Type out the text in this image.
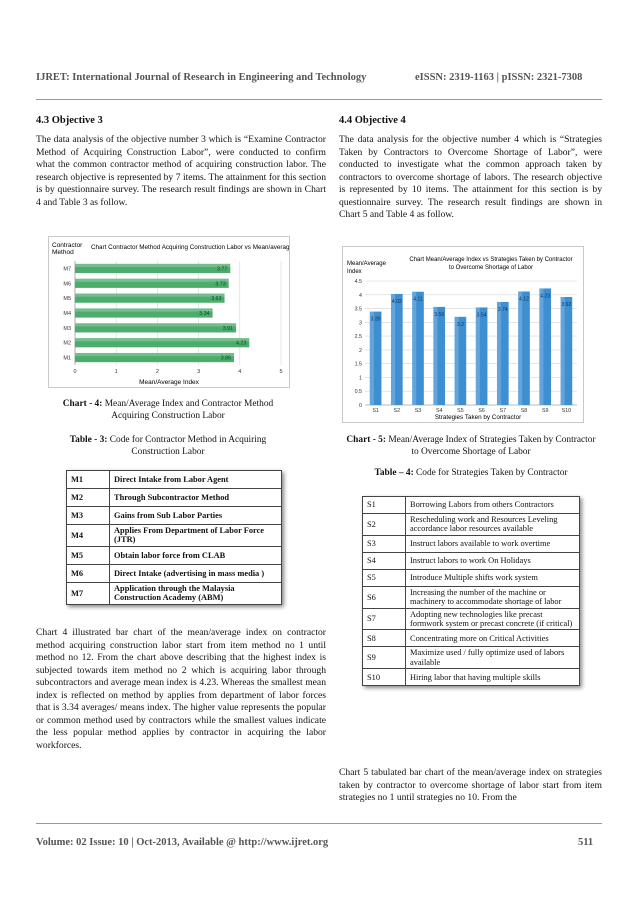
IJRET: International Journal of Research in Engineering and Technology	eISSN: 2319-1163 | pISSN: 2321-7308
4.3 Objective 3
The data analysis of the objective number 3 which is “Examine Contractor Method of Acquiring Construction Labor”, were conducted to confirm what the common contractor method of acquiring construction labor. The research objective is represented by 7 items. The attainment for this section is by questionnaire survey. The research result findings are shown in Chart 4 and Table 3 as follow.
Contractor Method
Chart Contractor Method Acquiring Construction Labor vs Mean/average Index
3.86
4.23
3.91
3.34
3.63
3.73
3.77
M1
M2
M3
M4
M5
M6
M7
0	1	2	3	4	5
Mean/Average Index
Chart - 4: Mean/Average Index and Contractor Method Acquiring Construction Labor
Table - 3: Code for Contractor Method in Acquiring Construction Labor
M1	Direct Intake from Labor Agent
M2	Through Subcontractor Method
M3	Gains from Sub Labor Parties
M4	Applies From Department of Labor Force (JTR)
M5	Obtain labor force from CLAB
M6	Direct Intake (advertising in mass media )
M7	Application through the Malaysia Construction Academy (ABM)
Chart 4 illustrated bar chart of the mean/average index on contractor method acquiring construction labor start from item method no 1 until method no 12. From the chart above describing that the highest index is subjected towards item method no 2 which is acquiring labor through subcontractors and average mean index is 4.23. Whereas the smallest mean index is reflected on method by applies from department of labor forces that is 3.34 averages/ means index. The higher value represents the popular or common method used by contractors while the smallest values indicate the less popular method applies by contractor in acquiring the labor workforces.
4.4 Objective 4
The data analysis for the objective number 4 which is “Strategies Taken by Contractors to Overcome Shortage of Labor”, were conducted to investigate what the common approach taken by contractors to overcome shortage of labors. The research objective is represented by 10 items. The attainment for this section is by questionnaire survey. The research result findings are shown in Chart 5 and Table 4 as follow.
Mean/Average Index
Chart Mean/Average Index vs Strategies Taken by Contractor to Overcome Shortage of Labor
3.39
4.03 4.11
3.56
3.2
3.54
3.74
4.12
4.23
3.92
S1	S2	S3	S4	S5	S6	S7	S8	S9 S10
0
0.5
1
1.5
2
2.5
3
3.5
4
4.5
Strategies Taken by Contractor
Chart - 5: Mean/Average Index of Strategies Taken by Contractor to Overcome Shortage of Labor
Table – 4: Code for Strategies Taken by Contractor
S1	Borrowing Labors from others Contractors
S2	Rescheduling work and Resources Leveling accordance labor resources available
S3	Instruct labors available to work overtime
S4	Instruct labors to work On Holidays
S5	Introduce Multiple shifts work system
S6	Increasing the number of the machine or machinery to accommodate shortage of labor
S7	Adopting new technologies like precast formwork system or precast concrete (if critical)
S8	Concentrating more on Critical Activities
S9	Maximize used / fully optimize used of labors available
S10	Hiring labor that having multiple skills
Chart 5 tabulated bar chart of the mean/average index on strategies taken by contractor to overcome shortage of labor start from item strategies no 1 until strategies no 10. From the
Volume: 02 Issue: 10 | Oct-2013, Available @ http://www.ijret.org	511
